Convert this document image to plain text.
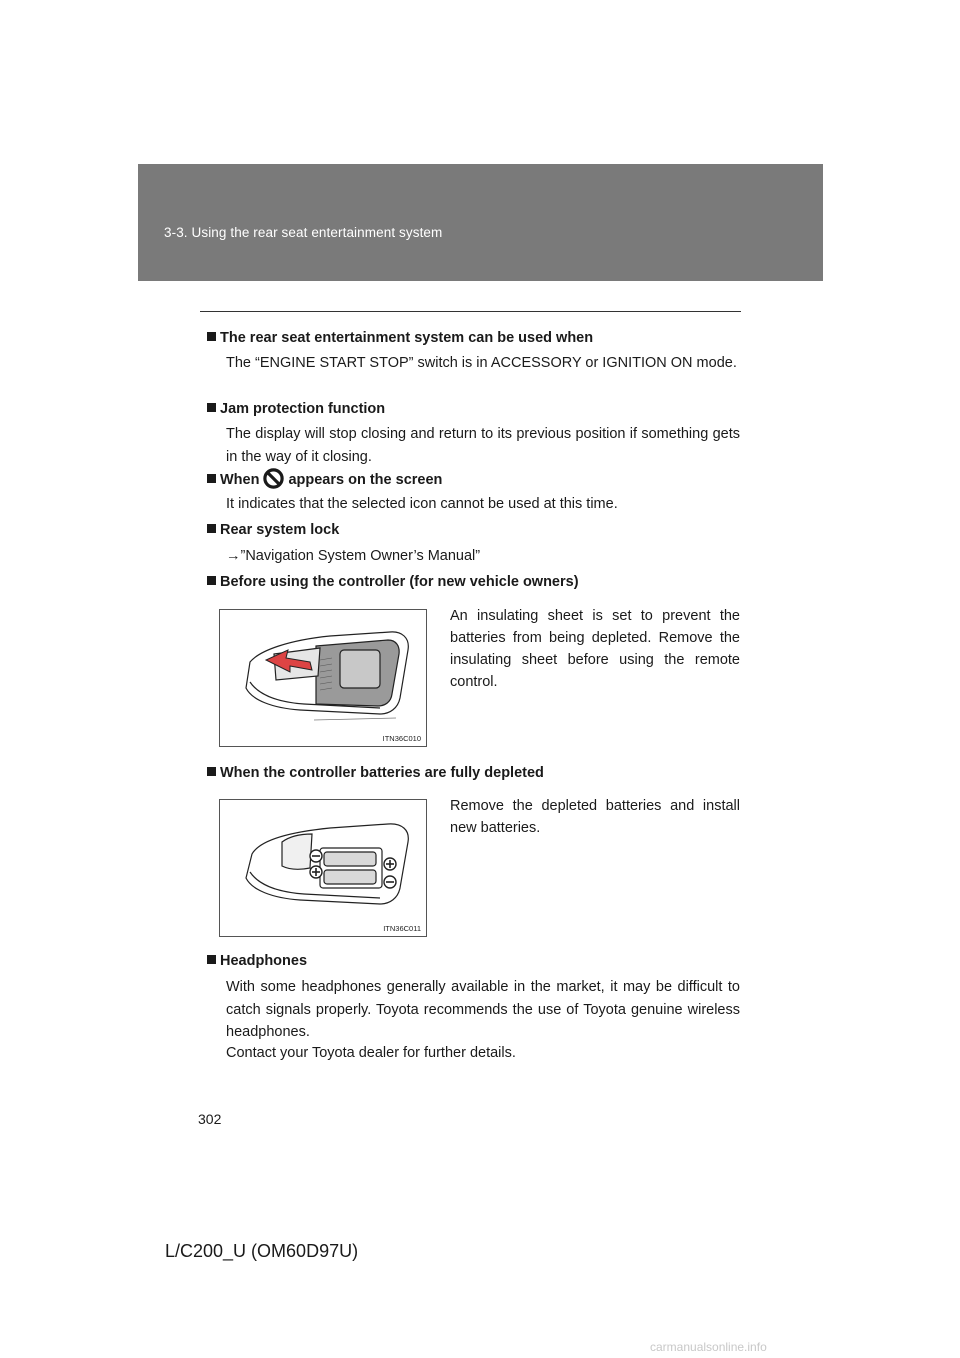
3-3. Using the rear seat entertainment system
The rear seat entertainment system can be used when
The “ENGINE START STOP” switch is in ACCESSORY or IGNITION ON mode.
Jam protection function
The display will stop closing and return to its previous position if something gets in the way of it closing.
When appears on the screen
It indicates that the selected icon cannot be used at this time.
Rear system lock
→”Navigation System Owner’s Manual”
Before using the controller (for new vehicle owners)
ITN36C010
An insulating sheet is set to prevent the batteries from being depleted. Remove the insulating sheet before using the remote control.
When the controller batteries are fully depleted
ITN36C011
Remove the depleted batteries and install new batteries.
Headphones
With some headphones generally available in the market, it may be difficult to catch signals properly. Toyota recommends the use of Toyota genuine wireless headphones.
Contact your Toyota dealer for further details.
302
L/C200_U (OM60D97U)
carmanualsonline.info
